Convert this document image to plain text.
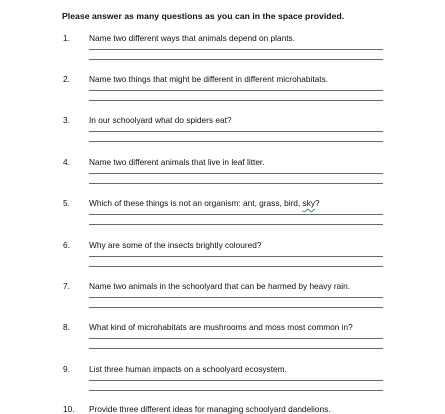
Please answer as many questions as you can in the space provided.
1. Name two different ways that animals depend on plants.
2. Name two things that might be different in different microhabitats.
3. In our schoolyard what do spiders eat?
4. Name two different animals that live in leaf litter.
5. Which of these things is not an organism: ant, grass, bird, sky?
6. Why are some of the insects brightly coloured?
7. Name two animals in the schoolyard that can be harmed by heavy rain.
8. What kind of microhabitats are mushrooms and moss most common in?
9. List three human impacts on a schoolyard ecosystem.
10. Provide three different ideas for managing schoolyard dandelions.
